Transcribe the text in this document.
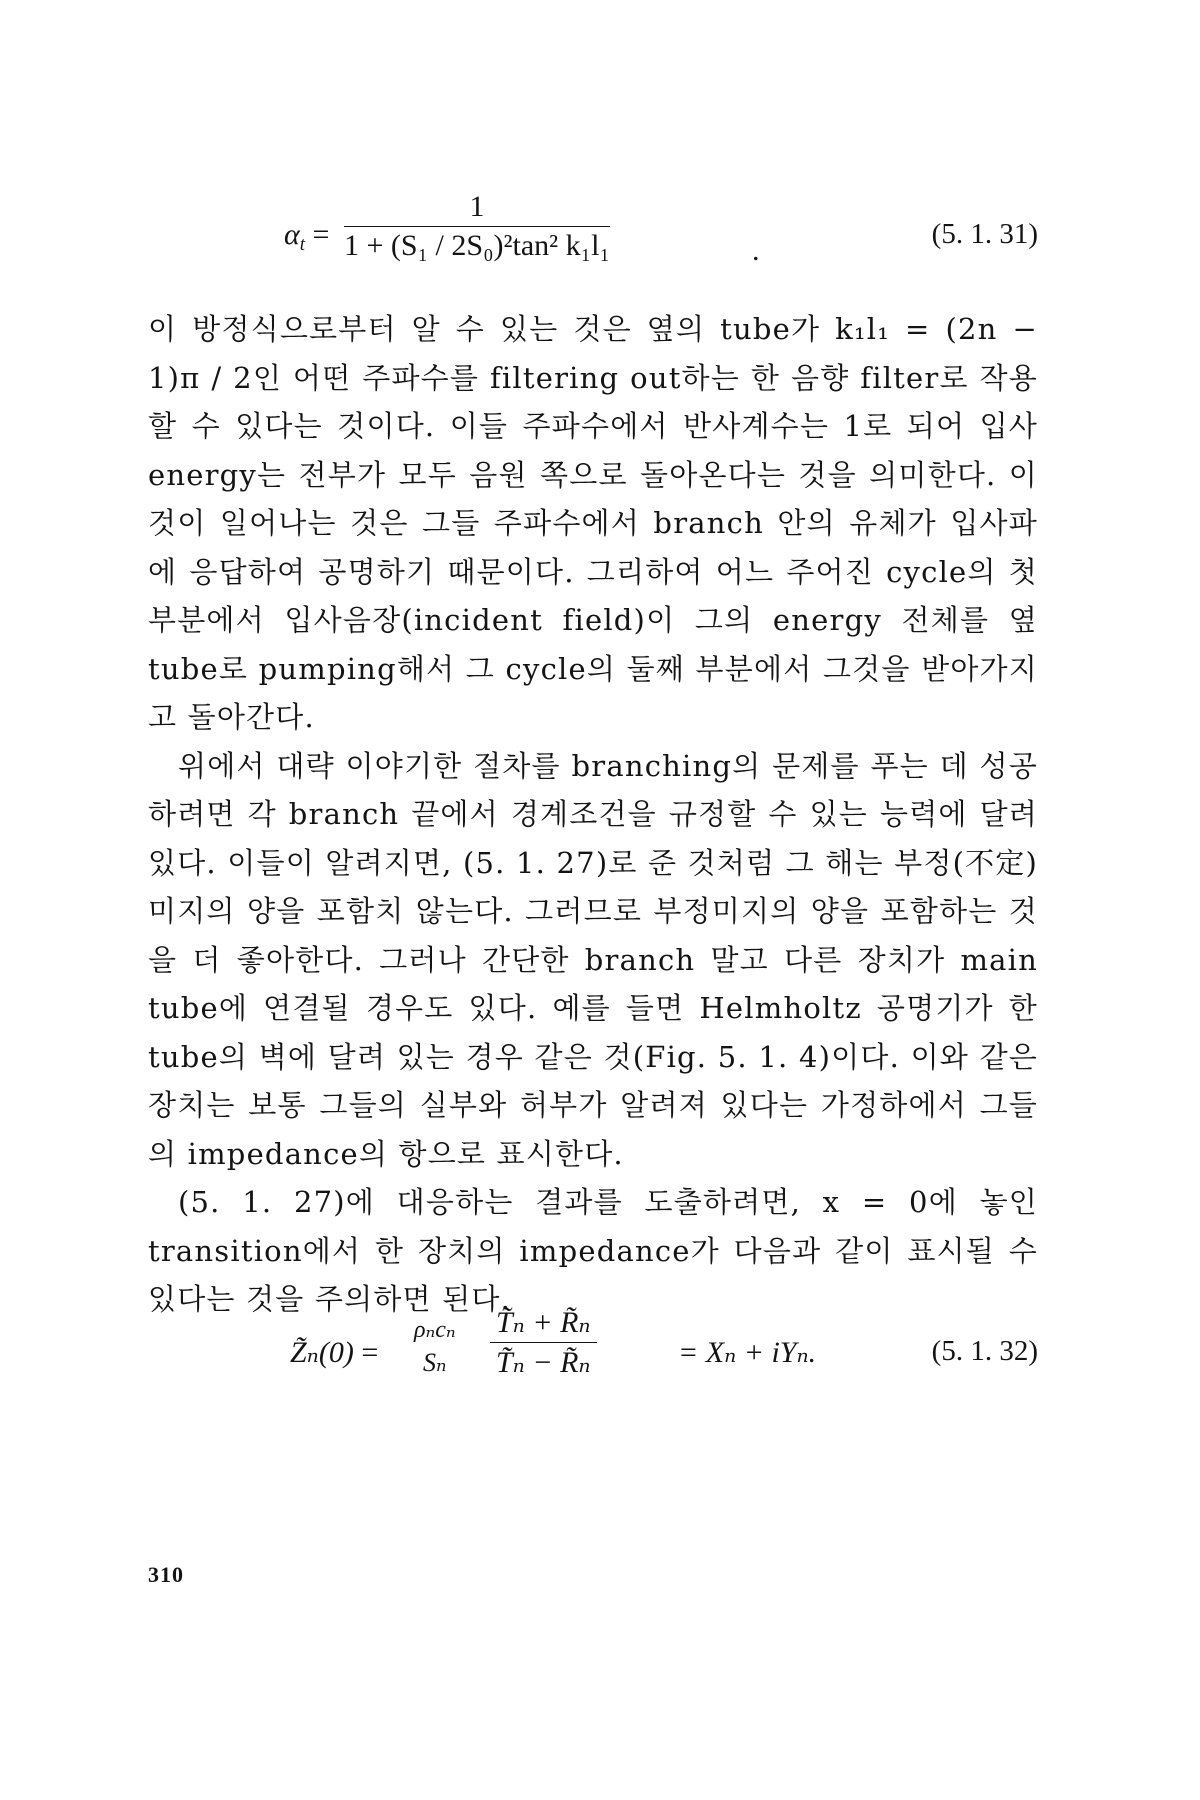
$\alpha_t = \frac{1}{\text{1 + (S₁ / 2S₀)²tan² k₁l₁}}$	.	(5. 1. 31)

이 방정식으로부터 알 수 있는 것은 옆의 tube가 k₁l₁ = (2n − 1)π / 2인 어떤 주파수를 filtering out하는 한 음향 filter로 작용할 수 있다는 것이다. 이들 주파수에서 반사계수는 1로 되어 입사 energy는 전부가 모두 음원 쪽으로 돌아온다는 것을 의미한다. 이것이 일어나는 것은 그들 주파수에서 branch 안의 유체가 입사파에 응답하여 공명하기 때문이다. 그리하여 어느 주어진 cycle의 첫 부분에서 입사음장(incident field)이 그의 energy 전체를 옆 tube로 pumping해서 그 cycle의 둘째 부분에서 그것을 받아가지고 돌아간다.

위에서 대략 이야기한 절차를 branching의 문제를 푸는 데 성공하려면 각 branch 끝에서 경계조건을 규정할 수 있는 능력에 달려 있다. 이들이 알려지면, (5. 1. 27)로 준 것처럼 그 해는 부정(不定)미지의 양을 포함치 않는다. 그러므로 부정미지의 양을 포함하는 것을 더 좋아한다. 그러나 간단한 branch 말고 다른 장치가 main tube에 연결될 경우도 있다. 예를 들면 Helmholtz 공명기가 한 tube의 벽에 달려 있는 경우 같은 것(Fig. 5. 1. 4)이다. 이와 같은 장치는 보통 그들의 실부와 허부가 알려져 있다는 가정하에서 그들의 impedance의 항으로 표시한다.

(5. 1. 27)에 대응하는 결과를 도출하려면, x = 0에 놓인 transition에서 한 장치의 impedance가 다음과 같이 표시될 수 있다는 것을 주의하면 된다.

Z̃ₙ(0) =
ρₙcₙ
Sₙ	$\frac{\text{T̃ₙ + R̃ₙ}}{\text{T̃ₙ − R̃ₙ}}$	= Xₙ + iYₙ.	(5. 1. 32)
310
